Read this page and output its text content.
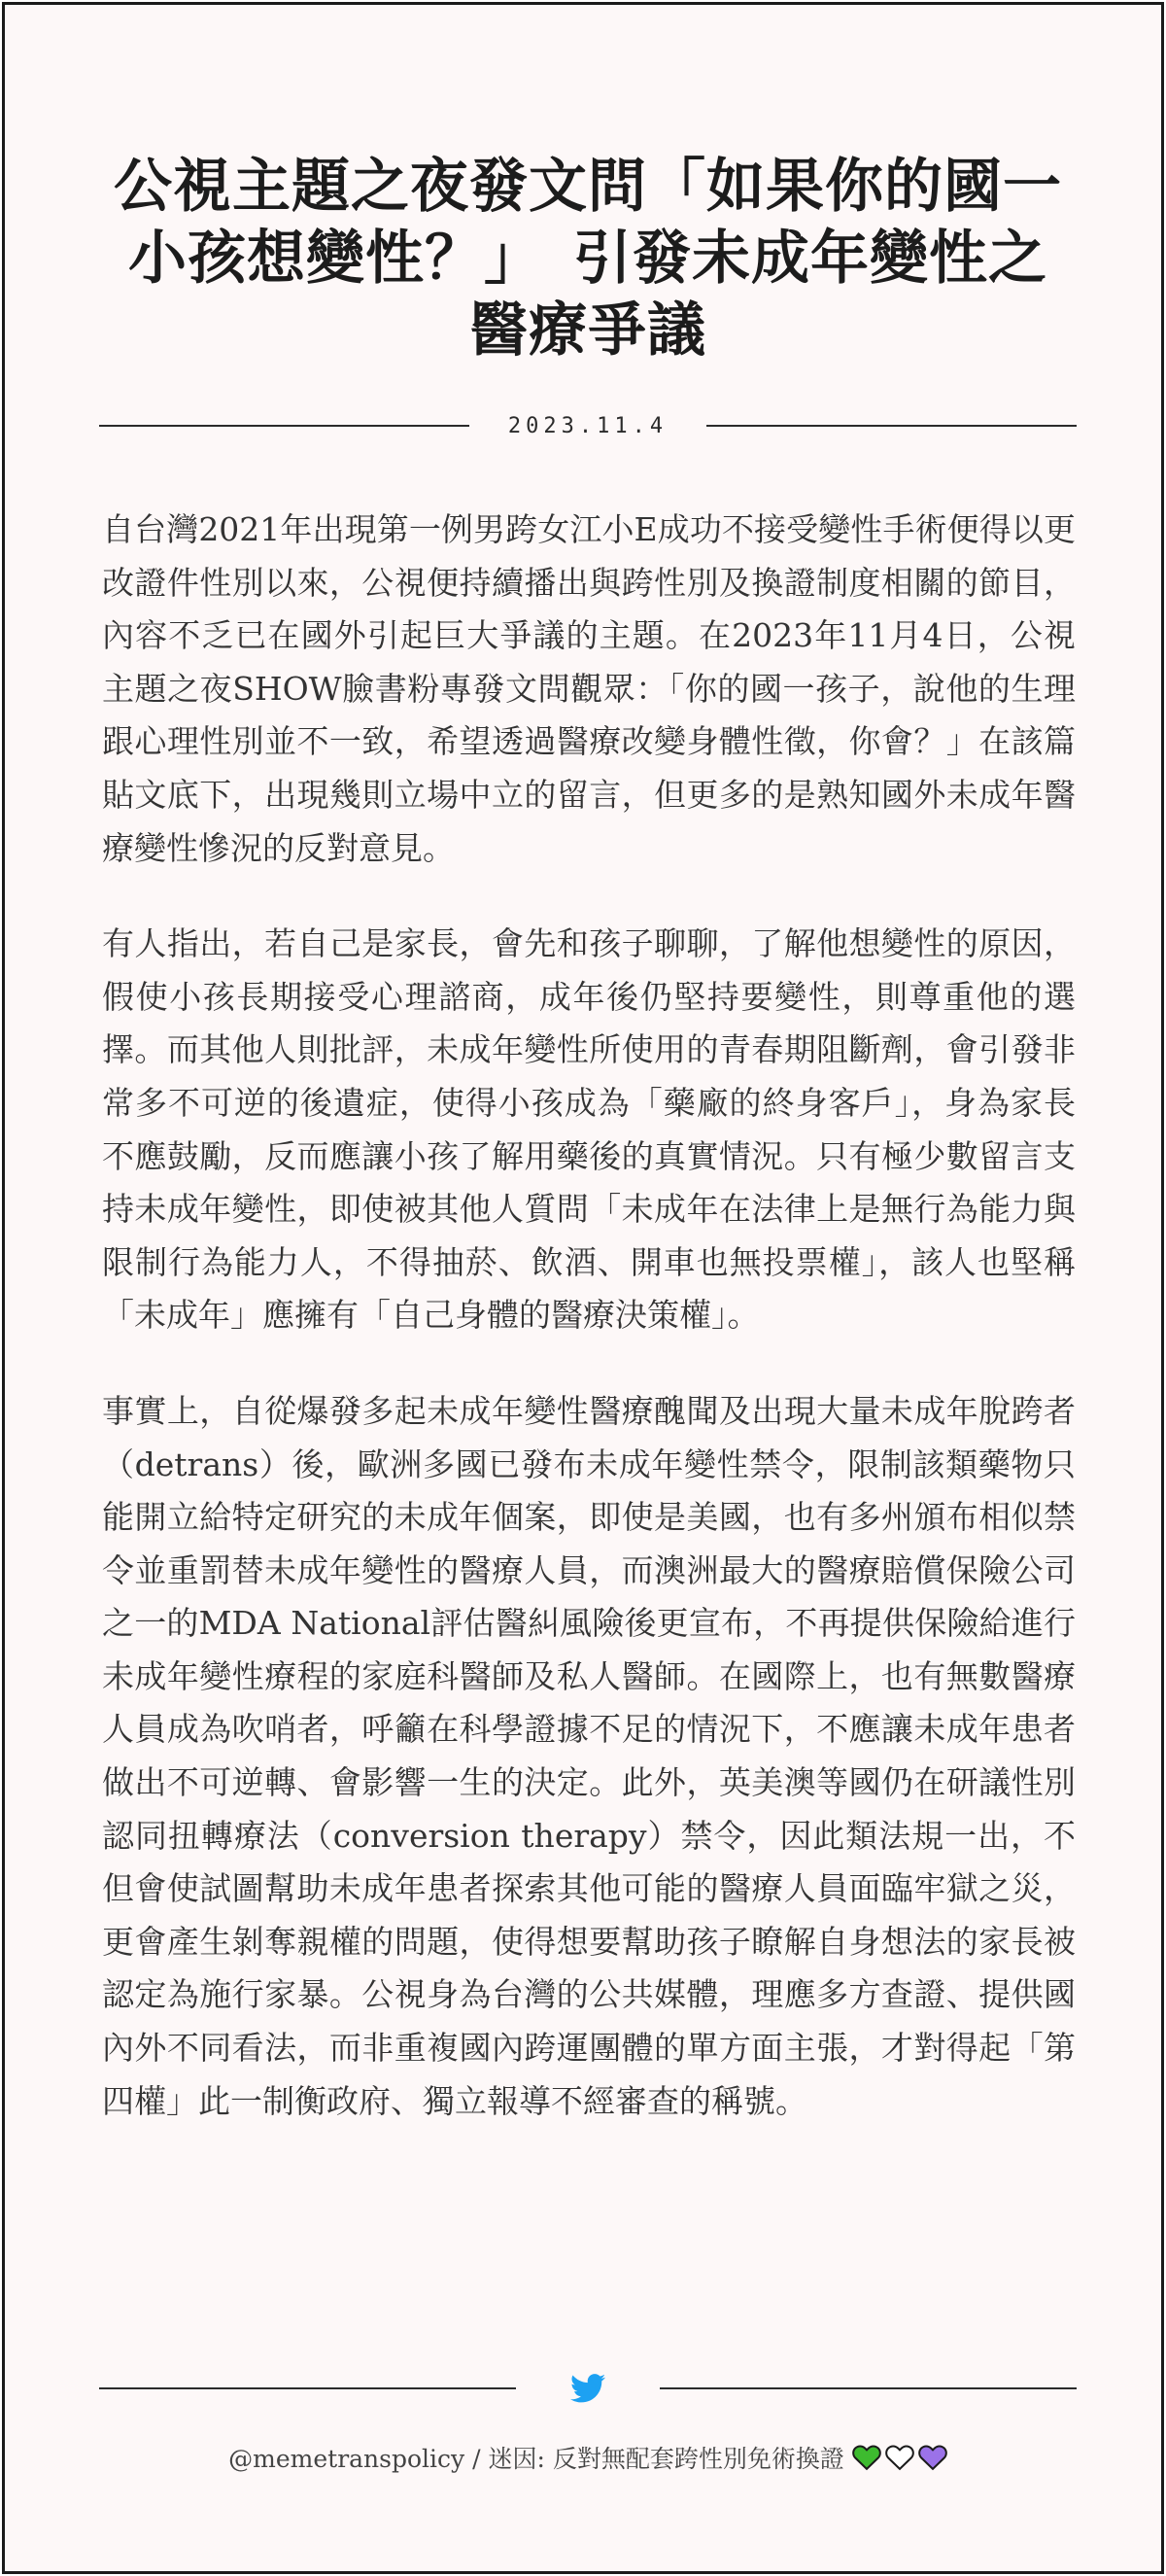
公視主題之夜發文問「如果你的國一小孩想變性？」　引發未成年變性之醫療爭議
2023.11.4

自台灣2021年出現第一例男跨女江小E成功不接受變性手術便得以更改證件性別以來，公視便持續播出與跨性別及換證制度相關的節目，內容不乏已在國外引起巨大爭議的主題。在2023年11月4日，公視主題之夜SHOW臉書粉專發文問觀眾：「你的國一孩子，說他的生理跟心理性別並不一致，希望透過醫療改變身體性徵，你會？」在該篇貼文底下，出現幾則立場中立的留言，但更多的是熟知國外未成年醫療變性慘況的反對意見。

有人指出，若自己是家長，會先和孩子聊聊，了解他想變性的原因，假使小孩長期接受心理諮商，成年後仍堅持要變性，則尊重他的選擇。而其他人則批評，未成年變性所使用的青春期阻斷劑，會引發非常多不可逆的後遺症，使得小孩成為「藥廠的終身客戶」，身為家長不應鼓勵，反而應讓小孩了解用藥後的真實情況。只有極少數留言支持未成年變性，即使被其他人質問「未成年在法律上是無行為能力與限制行為能力人，不得抽菸、飲酒、開車也無投票權」，該人也堅稱「未成年」應擁有「自己身體的醫療決策權」。

事實上，自從爆發多起未成年變性醫療醜聞及出現大量未成年脫跨者（detrans）後，歐洲多國已發布未成年變性禁令，限制該類藥物只能開立給特定研究的未成年個案，即使是美國，也有多州頒布相似禁令並重罰替未成年變性的醫療人員，而澳洲最大的醫療賠償保險公司之一的MDA National評估醫糾風險後更宣布，不再提供保險給進行未成年變性療程的家庭科醫師及私人醫師。在國際上，也有無數醫療人員成為吹哨者，呼籲在科學證據不足的情況下，不應讓未成年患者做出不可逆轉、會影響一生的決定。此外，英美澳等國仍在研議性別認同扭轉療法（conversion therapy）禁令，因此類法規一出，不但會使試圖幫助未成年患者探索其他可能的醫療人員面臨牢獄之災，更會產生剝奪親權的問題，使得想要幫助孩子瞭解自身想法的家長被認定為施行家暴。公視身為台灣的公共媒體，理應多方查證、提供國內外不同看法，而非重複國內跨運團體的單方面主張，才對得起「第四權」此一制衡政府、獨立報導不經審查的稱號。

@memetranspolicy / 迷因: 反對無配套跨性別免術換證
